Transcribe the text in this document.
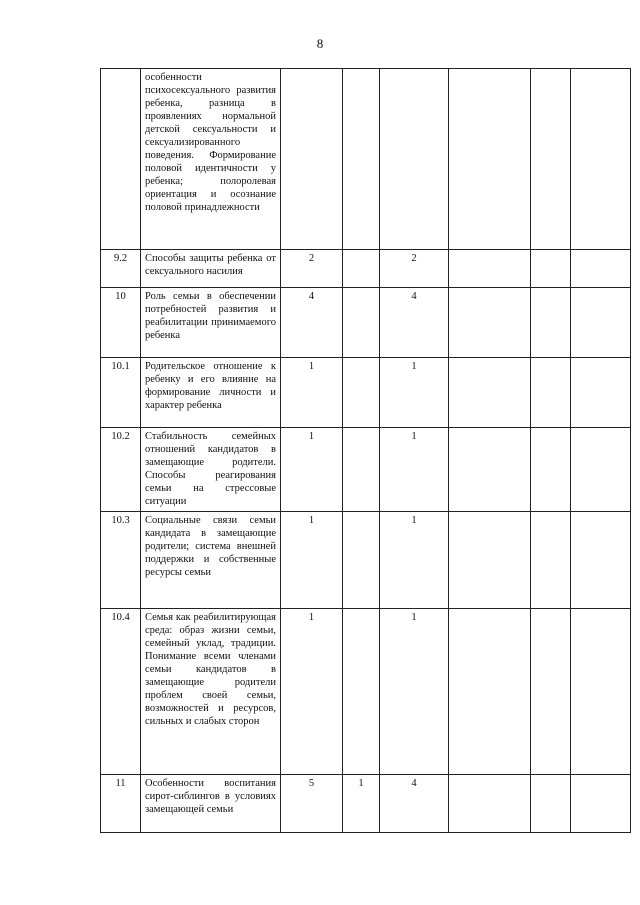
8
	особенности психосексуального развития ребенка, разница в проявлениях нормальной детской сексуальности и сексуализированного поведения. Формирование половой идентичности у ребенка; полоролевая ориентация и осознание половой принадлежности						
9.2	Способы защиты ребенка от сексуального насилия	2		2			
10	Роль семьи в обеспечении потребностей развития и реабилитации принимаемого ребенка	4		4			
10.1	Родительское отношение к ребенку и его влияние на формирование личности и характер ребенка	1		1			
10.2	Стабильность семейных отношений кандидатов в замещающие родители. Способы реагирования семьи на стрессовые ситуации	1		1			
10.3	Социальные связи семьи кандидата в замещающие родители; система внешней поддержки и собственные ресурсы семьи	1		1			
10.4	Семья как реабилитирующая среда: образ жизни семьи, семейный уклад, традиции. Понимание всеми членами семьи кандидатов в замещающие родители проблем своей семьи, возможностей и ресурсов, сильных и слабых сторон	1		1			
11	Особенности воспитания сирот-сиблингов в условиях замещающей семьи	5	1	4			
